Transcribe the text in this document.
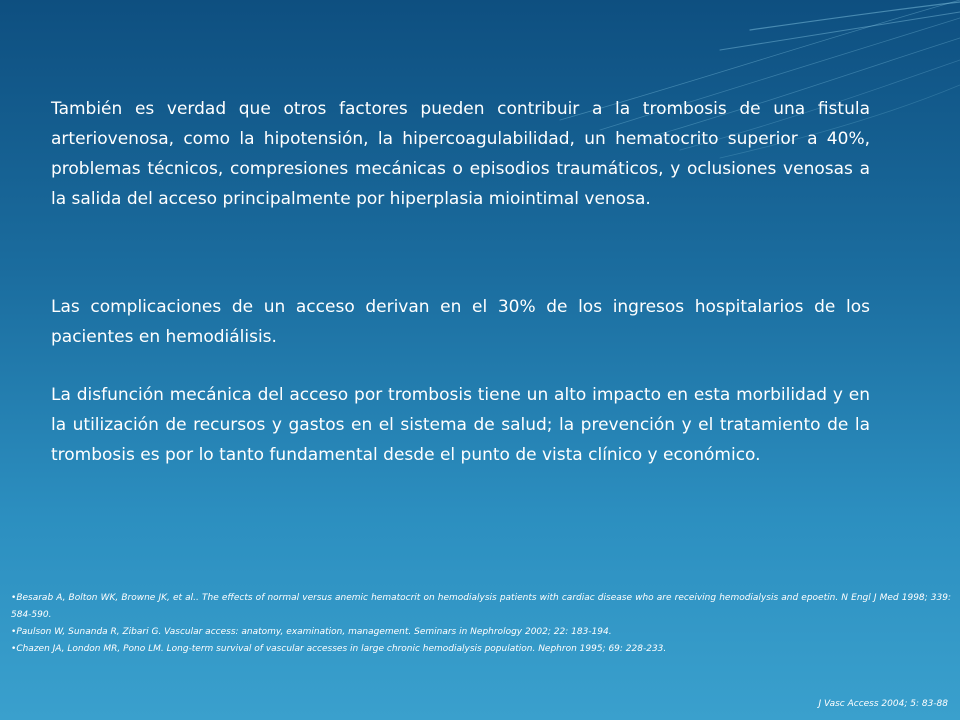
También es verdad que otros factores pueden contribuir a la trombosis de una fistula arteriovenosa, como la hipotensión, la hipercoagulabilidad, un hematocrito superior a 40%, problemas técnicos, compresiones mecánicas o episodios traumáticos, y oclusiones venosas a la salida del acceso principalmente por hiperplasia miointimal venosa.

Las complicaciones de un acceso derivan en el 30% de los ingresos hospitalarios de los pacientes en hemodiálisis.

La disfunción mecánica del acceso por trombosis tiene un alto impacto en esta morbilidad y en la utilización de recursos y gastos en el sistema de salud; la prevención y el tratamiento de la trombosis es por lo tanto fundamental desde el punto de vista clínico y económico.

•Besarab A, Bolton WK, Browne JK, et al.. The effects of normal versus anemic hematocrit on hemodialysis patients with cardiac disease who are receiving hemodialysis and epoetin. N Engl J Med 1998; 339: 584-590.
•Paulson W, Sunanda R, Zibari G. Vascular access: anatomy, examination, management. Seminars in Nephrology 2002; 22: 183-194.
•Chazen JA, London MR, Pono LM. Long-term survival of vascular accesses in large chronic hemodialysis population. Nephron 1995; 69: 228-233.
J Vasc Access 2004; 5: 83-88
